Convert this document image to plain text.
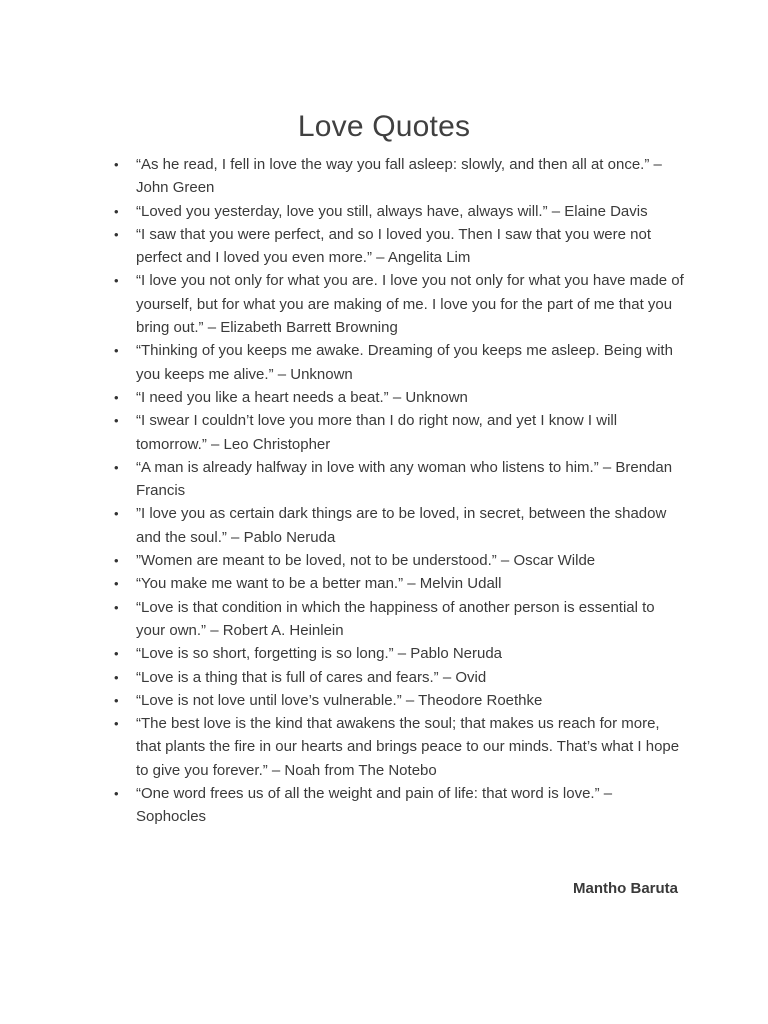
Love Quotes
• “As he read, I fell in love the way you fall asleep: slowly, and then all at once.” – John Green
• “Loved you yesterday, love you still, always have, always will.” – Elaine Davis
• “I saw that you were perfect, and so I loved you. Then I saw that you were not perfect and I loved you even more.” – Angelita Lim
• “I love you not only for what you are. I love you not only for what you have made of yourself, but for what you are making of me. I love you for the part of me that you bring out.” – Elizabeth Barrett Browning
• “Thinking of you keeps me awake. Dreaming of you keeps me asleep. Being with you keeps me alive.” – Unknown
• “I need you like a heart needs a beat.” – Unknown
• “I swear I couldn’t love you more than I do right now, and yet I know I will tomorrow.” – Leo Christopher
• “A man is already halfway in love with any woman who listens to him.” – Brendan Francis
• ”I love you as certain dark things are to be loved, in secret, between the shadow and the soul.” – Pablo Neruda
• ”Women are meant to be loved, not to be understood.” – Oscar Wilde
• “You make me want to be a better man.” – Melvin Udall
• “Love is that condition in which the happiness of another person is essential to your own.” – Robert A. Heinlein
• “Love is so short, forgetting is so long.” – Pablo Neruda
• “Love is a thing that is full of cares and fears.” – Ovid
• “Love is not love until love’s vulnerable.” – Theodore Roethke
• “The best love is the kind that awakens the soul; that makes us reach for more, that plants the fire in our hearts and brings peace to our minds. That’s what I hope to give you forever.” – Noah from The Notebo
• “One word frees us of all the weight and pain of life: that word is love.” – Sophocles

Mantho Baruta
